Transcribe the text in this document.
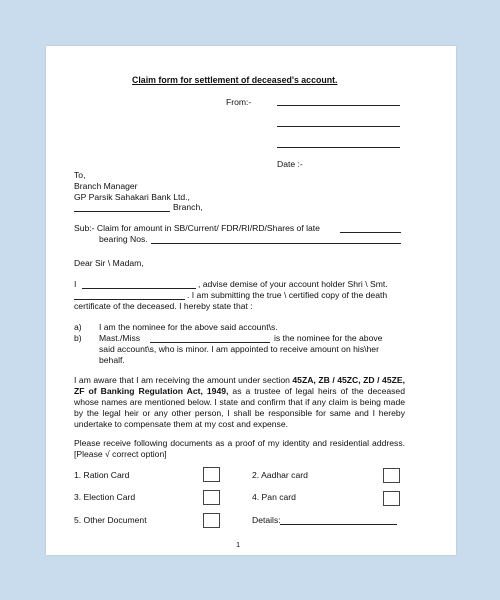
Claim form for settlement of deceased's account.
From:-
Date :-
To,
Branch Manager
GP Parsik Sahakari Bank Ltd.,
Branch,
Sub:- Claim for amount in SB/Current/ FDR/RI/RD/Shares of late
bearing Nos.
Dear Sir \ Madam,
I	, advise demise of your account holder Shri \ Smt.
. I am submitting the true \ certified copy of the death
certificate of the deceased. I hereby state that :
a) I am the nominee for the above said account\s.
b) Mast./Miss	is the nominee for the above
said account\s, who is minor. I am appointed to receive amount on his\her
behalf.
I am aware that I am receiving the amount under section 45ZA, ZB / 45ZC, ZD / 45ZE, ZF of Banking Regulation Act, 1949, as a trustee of legal heirs of the deceased whose names are mentioned below. I state and confirm that if any claim is being made by the legal heir or any other person, I shall be responsible for same and I hereby undertake to compensate them at my cost and expense.
Please receive following documents as a proof of my identity and residential address. [Please √ correct option]
1. Ration Card	2. Aadhar card
3. Election Card	4. Pan card
5. Other Document	Details:
1
